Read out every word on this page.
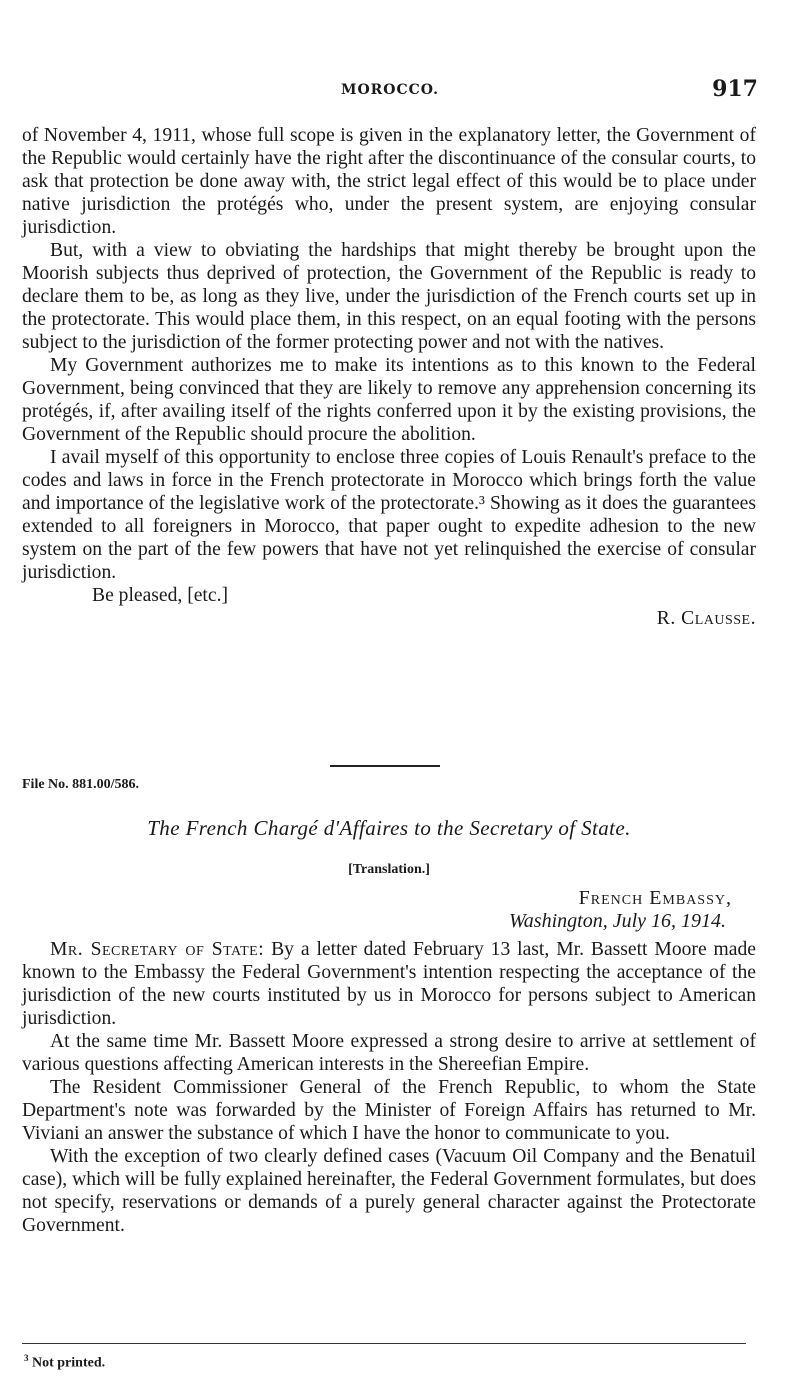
MOROCCO.	917

of November 4, 1911, whose full scope is given in the explanatory letter, the Government of the Republic would certainly have the right after the discontinuance of the consular courts, to ask that protection be done away with, the strict legal effect of this would be to place under native jurisdiction the protégés who, under the present system, are enjoying consular jurisdiction.

But, with a view to obviating the hardships that might thereby be brought upon the Moorish subjects thus deprived of protection, the Government of the Republic is ready to declare them to be, as long as they live, under the jurisdiction of the French courts set up in the protectorate. This would place them, in this respect, on an equal footing with the persons subject to the jurisdiction of the former protecting power and not with the natives.

My Government authorizes me to make its intentions as to this known to the Federal Government, being convinced that they are likely to remove any apprehension concerning its protégés, if, after availing itself of the rights conferred upon it by the existing provisions, the Government of the Republic should procure the abolition.

I avail myself of this opportunity to enclose three copies of Louis Renault's preface to the codes and laws in force in the French protectorate in Morocco which brings forth the value and importance of the legislative work of the protectorate.³ Showing as it does the guarantees extended to all foreigners in Morocco, that paper ought to expedite adhesion to the new system on the part of the few powers that have not yet relinquished the exercise of consular jurisdiction.

Be pleased, [etc.]

R. Clausse.

File No. 881.00/586.
The French Chargé d'Affaires to the Secretary of State.
[Translation.]
French Embassy,
Washington, July 16, 1914.

Mr. Secretary of State: By a letter dated February 13 last, Mr. Bassett Moore made known to the Embassy the Federal Government's intention respecting the acceptance of the jurisdiction of the new courts instituted by us in Morocco for persons subject to American jurisdiction.

At the same time Mr. Bassett Moore expressed a strong desire to arrive at settlement of various questions affecting American interests in the Shereefian Empire.

The Resident Commissioner General of the French Republic, to whom the State Department's note was forwarded by the Minister of Foreign Affairs has returned to Mr. Viviani an answer the substance of which I have the honor to communicate to you.

With the exception of two clearly defined cases (Vacuum Oil Company and the Benatuil case), which will be fully explained hereinafter, the Federal Government formulates, but does not specify, reservations or demands of a purely general character against the Protectorate Government.

$^3$ Not printed.
